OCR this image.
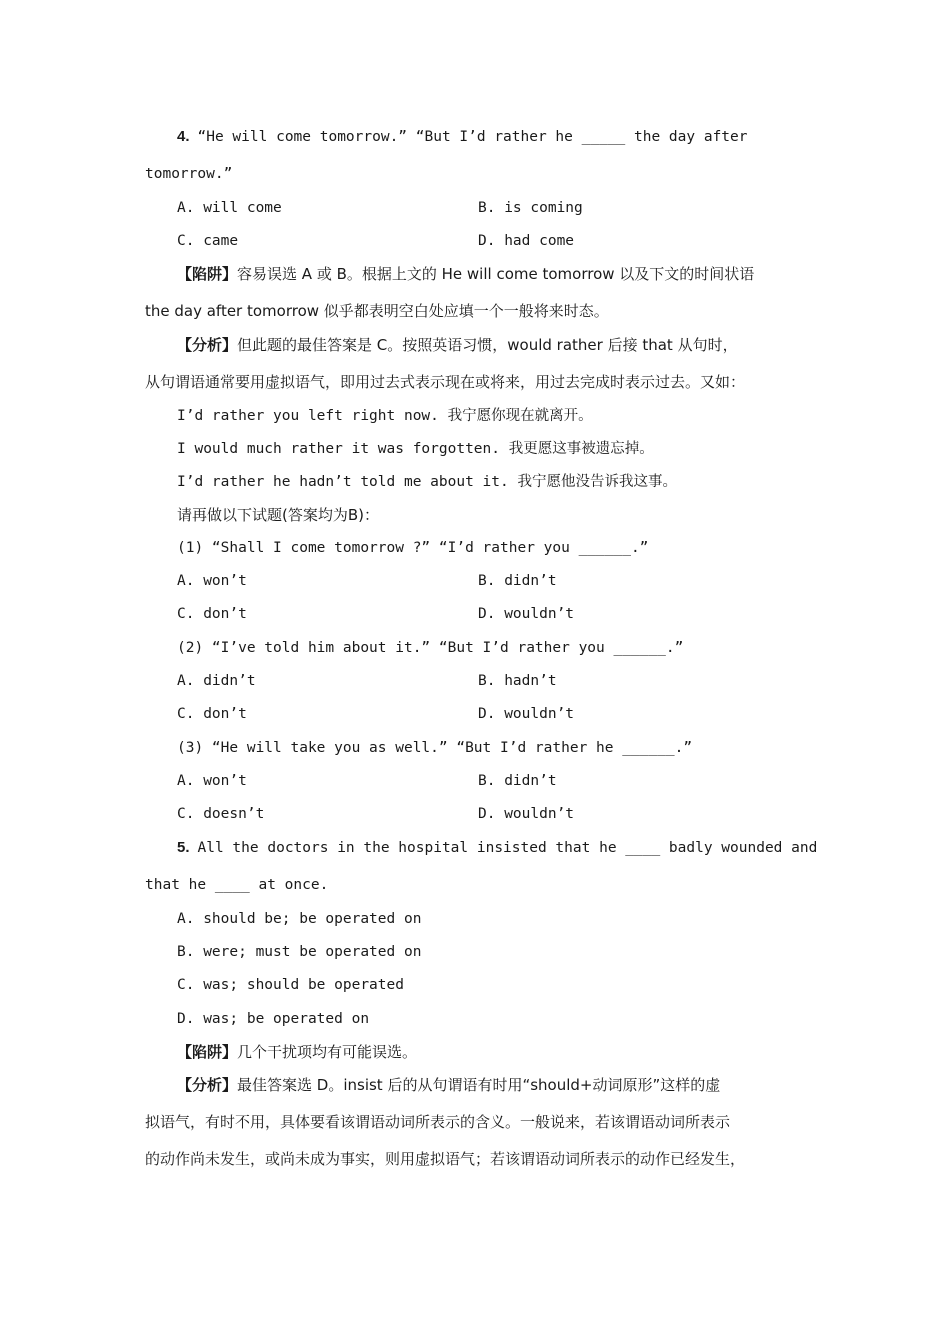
4. “He will come tomorrow.” “But I’d rather he _____ the day after
tomorrow.”
A. will come	B. is coming
C. came	D. had come
【陷阱】容易误选 A 或 B。根据上文的 He will come tomorrow 以及下文的时间状语
the day after tomorrow 似乎都表明空白处应填一个一般将来时态。
【分析】但此题的最佳答案是 C。按照英语习惯，would rather 后接 that 从句时，
从句谓语通常要用虚拟语气，即用过去式表示现在或将来，用过去完成时表示过去。又如：
I’d rather you left right now. 我宁愿你现在就离开。
I would much rather it was forgotten. 我更愿这事被遗忘掉。
I’d rather he hadn’t told me about it. 我宁愿他没告诉我这事。
请再做以下试题(答案均为B)：
(1) “Shall I come tomorrow ?” “I’d rather you ______.”
A. won’t	B. didn’t
C. don’t	D. wouldn’t
(2) “I’ve told him about it.” “But I’d rather you ______.”
A. didn’t	B. hadn’t
C. don’t	D. wouldn’t
(3) “He will take you as well.” “But I’d rather he ______.”
A. won’t	B. didn’t
C. doesn’t	D. wouldn’t
5. All the doctors in the hospital insisted that he ____ badly wounded and
that he ____ at once.
A. should be; be operated on
B. were; must be operated on
C. was; should be operated
D. was; be operated on
【陷阱】几个干扰项均有可能误选。
【分析】最佳答案选 D。insist 后的从句谓语有时用“should+动词原形”这样的虚
拟语气，有时不用，具体要看该谓语动词所表示的含义。一般说来，若该谓语动词所表示
的动作尚未发生，或尚未成为事实，则用虚拟语气；若该谓语动词所表示的动作已经发生，
